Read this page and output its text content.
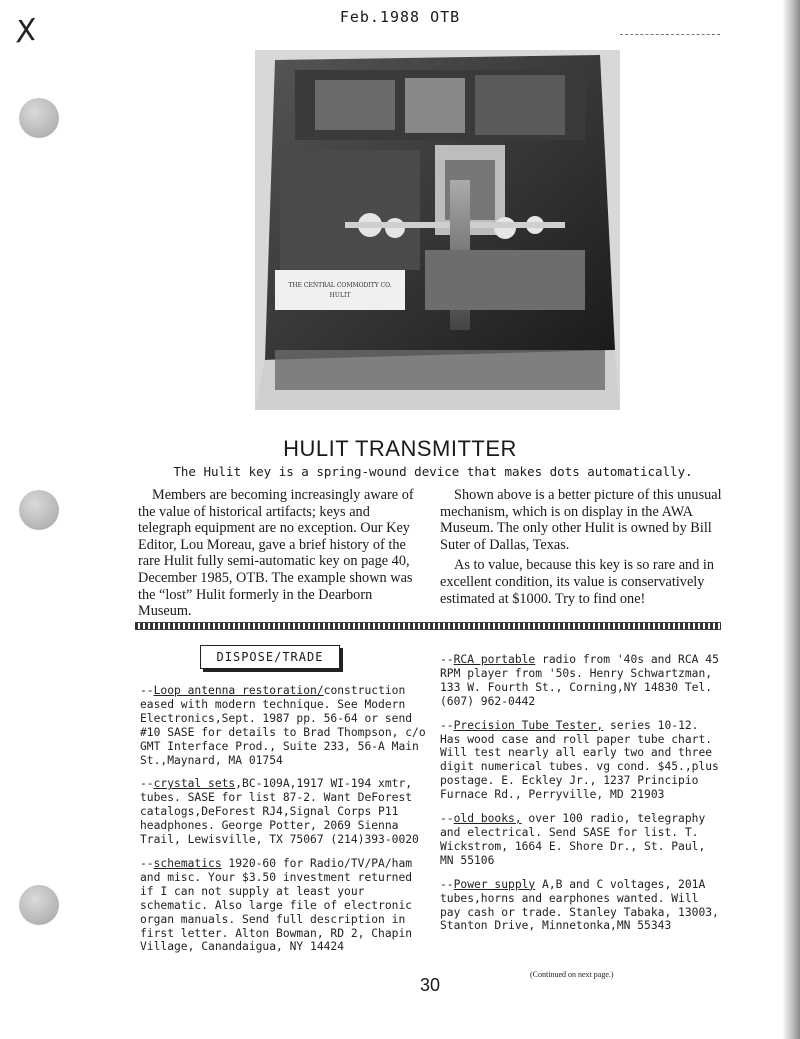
X	Feb.1988 OTB
THE CENTRAL COMMODITY CO.
HULIT
HULIT TRANSMITTER
The Hulit key is a spring-wound device that makes dots automatically.

Members are becoming increasingly aware of the value of historical artifacts; keys and telegraph equipment are no exception. Our Key Editor, Lou Moreau, gave a brief history of the rare Hulit fully semi-automatic key on page 40, December 1985, OTB. The example shown was the “lost” Hulit formerly in the Dearborn Museum.

Shown above is a better picture of this unusual mechanism, which is on display in the AWA Museum. The only other Hulit is owned by Bill Suter of Dallas, Texas.

As to value, because this key is so rare and in excellent condition, its value is conservatively estimated at $1000. Try to find one!

DISPOSE/TRADE
--Loop antenna restoration/construction eased with modern technique. See Modern Electronics,Sept. 1987 pp. 56-64 or send #10 SASE for details to Brad Thompson, c/o GMT Interface Prod., Suite 233, 56-A Main St.,Maynard, MA 01754
--crystal sets,BC-109A,1917 WI-194 xmtr, tubes. SASE for list 87-2. Want DeForest catalogs,DeForest RJ4,Signal Corps P11 headphones. George Potter, 2069 Sienna Trail, Lewisville, TX 75067 (214)393-0020
--schematics 1920-60 for Radio/TV/PA/ham and misc. Your $3.50 investment returned if I can not supply at least your schematic. Also large file of electronic organ manuals. Send full description in first letter. Alton Bowman, RD 2, Chapin Village, Canandaigua, NY 14424
--RCA portable radio from '40s and RCA 45 RPM player from '50s. Henry Schwartzman, 133 W. Fourth St., Corning,NY 14830 Tel. (607) 962-0442
--Precision Tube Tester, series 10-12. Has wood case and roll paper tube chart. Will test nearly all early two and three digit numerical tubes. vg cond. $45.,plus postage. E. Eckley Jr., 1237 Principio Furnace Rd., Perryville, MD 21903
--old books, over 100 radio, telegraphy and electrical. Send SASE for list. T. Wickstrom, 1664 E. Shore Dr., St. Paul, MN 55106
--Power supply A,B and C voltages, 201A tubes,horns and earphones wanted. Will pay cash or trade. Stanley Tabaka, 13003, Stanton Drive, Minnetonka,MN 55343
(Continued on next page.)
30
